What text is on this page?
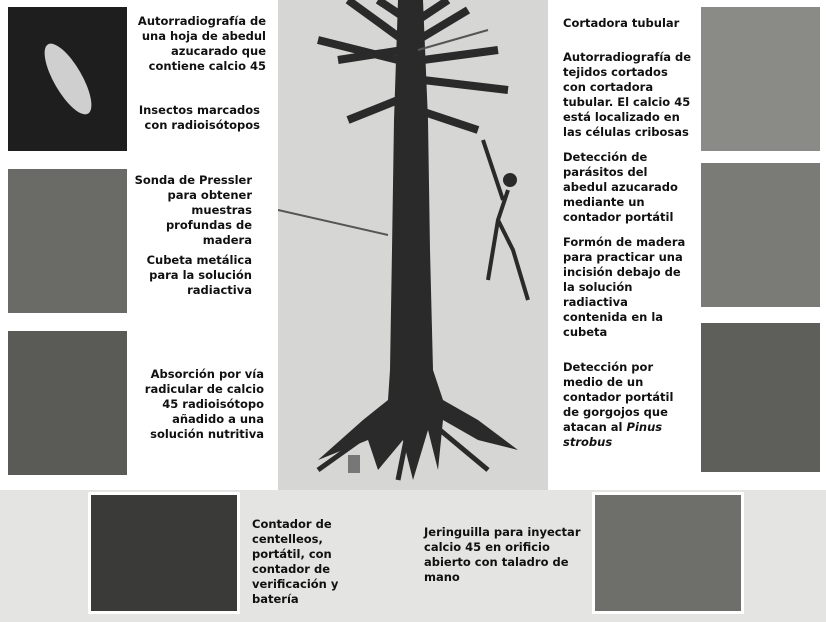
Autorradiografía de una hoja de abedul azucarado que contiene calcio 45
Insectos marcados con radioisótopos
Sonda de Pressler para obtener muestras profundas de madera
Cubeta metálica para la solución radiactiva
Absorción por vía radicular de calcio 45 radioisótopo añadido a una solución nutritiva
Cortadora tubular
Autorradiografía de tejidos cortados con cortadora tubular. El calcio 45 está localizado en las células cribosas
Detección de parásitos del abedul azucarado mediante un contador portátil
Formón de madera para practicar una incisión debajo de la solución radiactiva contenida en la cubeta
Detección por medio de un contador portátil de gorgojos que atacan al Pinus strobus
Contador de centelleos, portátil, con contador de verificación y batería
Jeringuilla para inyectar calcio 45 en orificio abierto con taladro de mano
